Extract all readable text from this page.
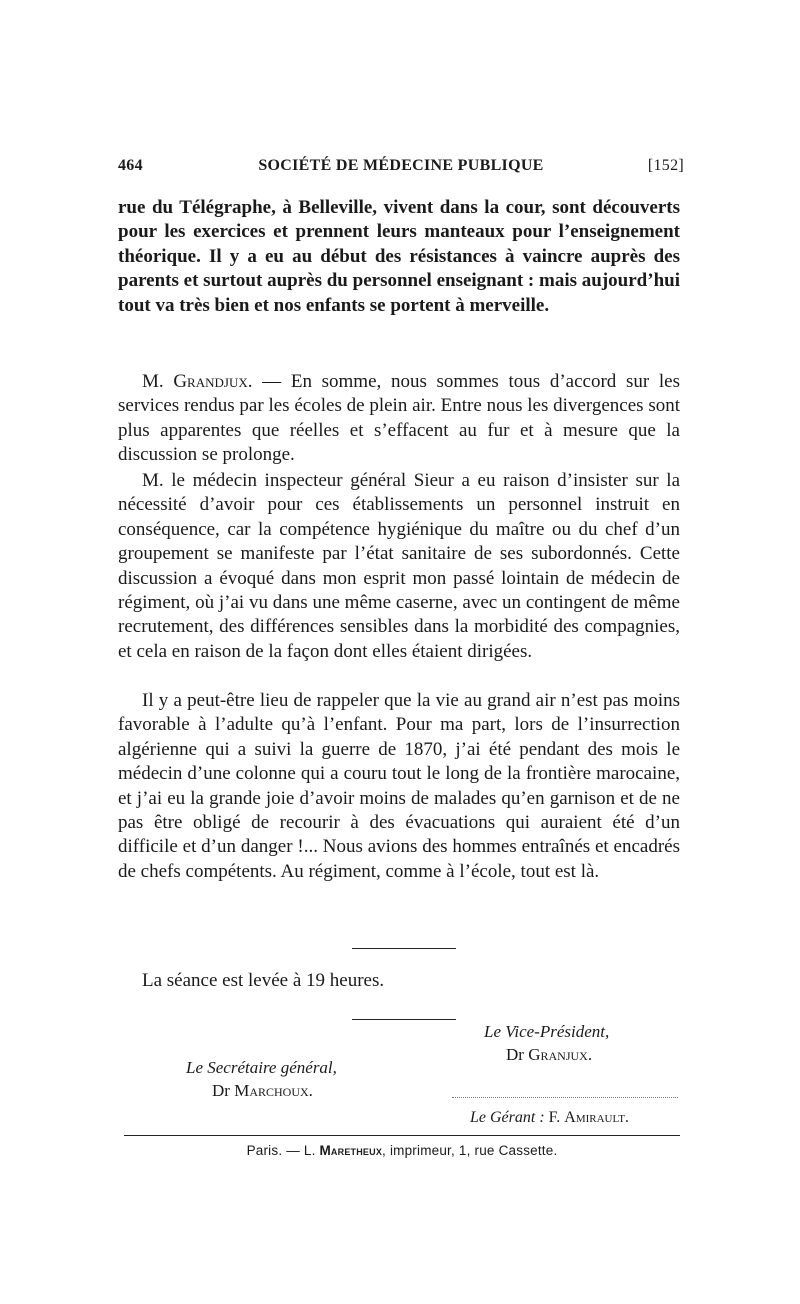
464	SOCIÉTÉ DE MÉDECINE PUBLIQUE	[152]

rue du Télégraphe, à Belleville, vivent dans la cour, sont découverts pour les exercices et prennent leurs manteaux pour l’enseignement théorique. Il y a eu au début des résistances à vaincre auprès des parents et surtout auprès du personnel enseignant : mais aujourd’hui tout va très bien et nos enfants se portent à merveille.

M. Grandjux. — En somme, nous sommes tous d’accord sur les services rendus par les écoles de plein air. Entre nous les divergences sont plus apparentes que réelles et s’effacent au fur et à mesure que la discussion se prolonge.

M. le médecin inspecteur général Sieur a eu raison d’insister sur la nécessité d’avoir pour ces établissements un personnel instruit en conséquence, car la compétence hygiénique du maître ou du chef d’un groupement se manifeste par l’état sanitaire de ses subordonnés. Cette discussion a évoqué dans mon esprit mon passé lointain de médecin de régiment, où j’ai vu dans une même caserne, avec un contingent de même recrutement, des différences sensibles dans la morbidité des compagnies, et cela en raison de la façon dont elles étaient dirigées.

Il y a peut-être lieu de rappeler que la vie au grand air n’est pas moins favorable à l’adulte qu’à l’enfant. Pour ma part, lors de l’insurrection algérienne qui a suivi la guerre de 1870, j’ai été pendant des mois le médecin d’une colonne qui a couru tout le long de la frontière marocaine, et j’ai eu la grande joie d’avoir moins de malades qu’en garnison et de ne pas être obligé de recourir à des évacuations qui auraient été d’un difficile et d’un danger !... Nous avions des hommes entraînés et encadrés de chefs compétents. Au régiment, comme à l’école, tout est là.

La séance est levée à 19 heures.
Le Vice-Président,
Dr Granjux.
Le Secrétaire général,
Dr Marchoux.
Le Gérant : F. Amirault.
Paris. — L. Maretheux, imprimeur, 1, rue Cassette.
